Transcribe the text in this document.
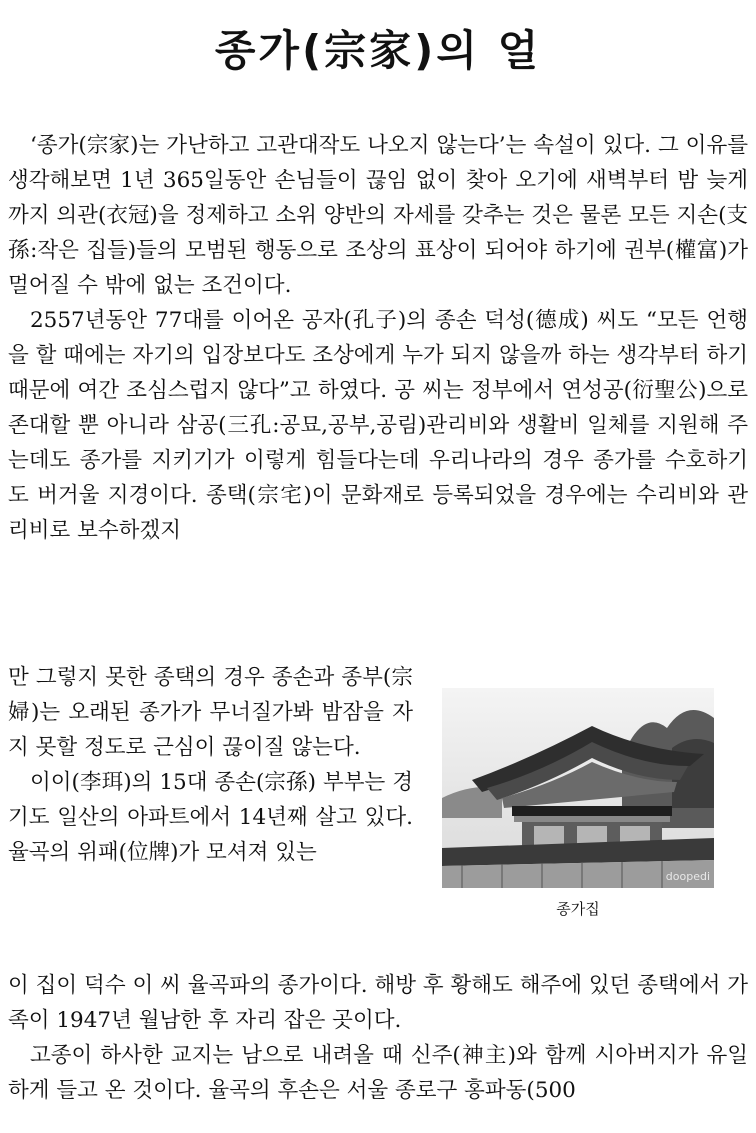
종가(宗家)의 얼

‘종가(宗家)는 가난하고 고관대작도 나오지 않는다’는 속설이 있다. 그 이유를 생각해보면 1년 365일동안 손님들이 끊임 없이 찾아 오기에 새벽부터 밤 늦게까지 의관(衣冠)을 정제하고 소위 양반의 자세를 갖추는 것은 물론 모든 지손(支孫:작은 집들)들의 모범된 행동으로 조상의 표상이 되어야 하기에 권부(權富)가 멀어질 수 밖에 없는 조건이다.

2557년동안 77대를 이어온 공자(孔子)의 종손 덕성(德成) 씨도 “모든 언행을 할 때에는 자기의 입장보다도 조상에게 누가 되지 않을까 하는 생각부터 하기 때문에 여간 조심스럽지 않다”고 하였다. 공 씨는 정부에서 연성공(衍聖公)으로 존대할 뿐 아니라 삼공(三孔:공묘,공부,공림)관리비와 생활비 일체를 지원해 주는데도 종가를 지키기가 이렇게 힘들다는데 우리나라의 경우 종가를 수호하기도 버거울 지경이다. 종택(宗宅)이 문화재로 등록되었을 경우에는 수리비와 관리비로 보수하겠지

만 그렇지 못한 종택의 경우 종손과 종부(宗婦)는 오래된 종가가 무너질가봐 밤잠을 자지 못할 정도로 근심이 끊이질 않는다.

이이(李珥)의 15대 종손(宗孫) 부부는 경기도 일산의 아파트에서 14년째 살고 있다. 율곡의 위패(位牌)가 모셔져 있는

이 집이 덕수 이 씨 율곡파의 종가이다. 해방 후 황해도 해주에 있던 종택에서 가족이 1947년 월남한 후 자리 잡은 곳이다.

고종이 하사한 교지는 남으로 내려올 때 신주(神主)와 함께 시아버지가 유일하게 들고 온 것이다. 율곡의 후손은 서울 종로구 홍파동(500

doopedi
종가집
